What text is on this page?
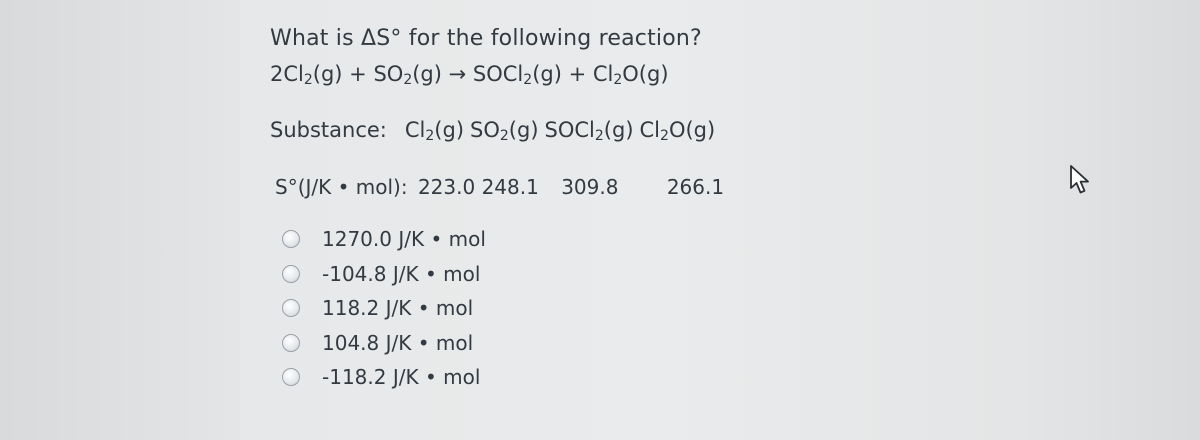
What is ΔS° for the following reaction?
$2Cl_2(g) + SO_2(g)$ → SOCl$_2$(g) + $Cl_2O(g)$
Substance: $Cl_2(g)$ $SO_2(g)$ SOCl$_2$(g) $Cl_2O(g)$
S°(J/K • mol): 223.0 248.1 309.8 266.1
1270.0 J/K • mol
-104.8 J/K • mol
118.2 J/K • mol
104.8 J/K • mol
-118.2 J/K • mol
